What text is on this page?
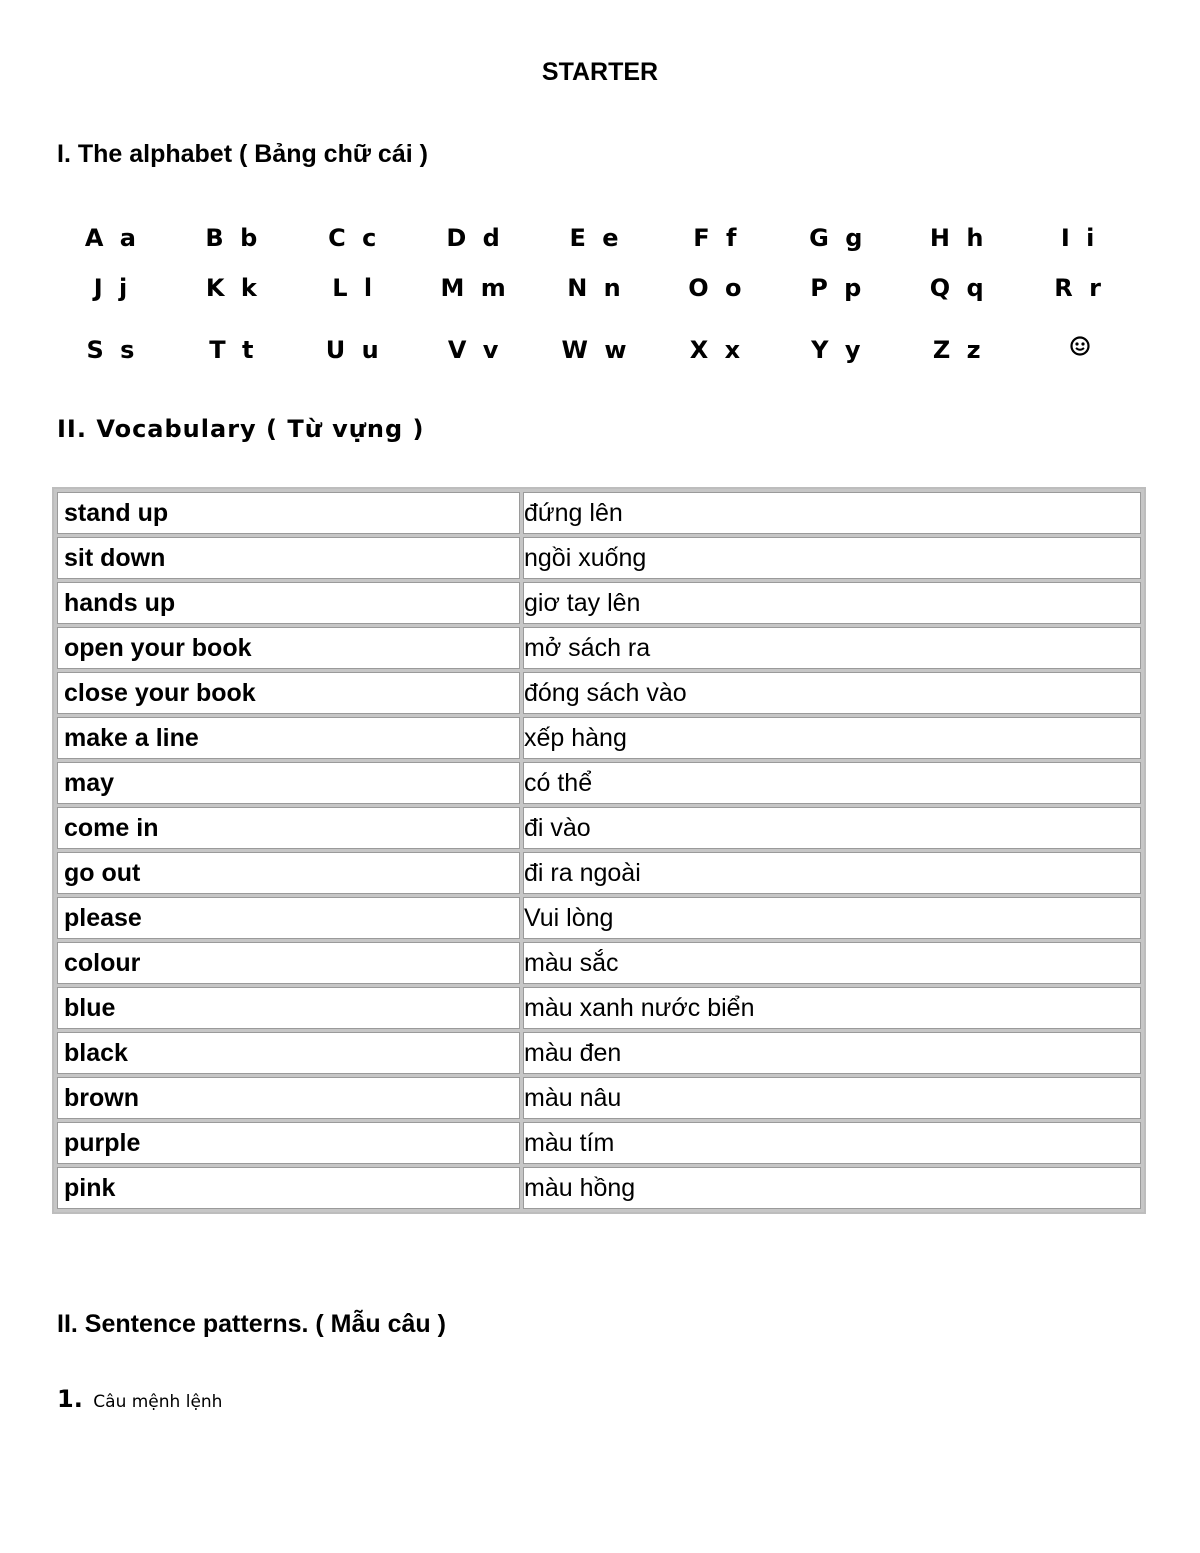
STARTER
I. The alphabet ( Bảng chữ cái )
A a	B b	C c	D d	E e	F f	G g	H h	I i
J j	K k	L l	M m	N n	O o	P p	Q q	R r
S s	T t	U u	V v	W w	X x	Y y	Z z
II. Vocabulary ( Từ vựng )
stand up	đứng lên
sit down	ngồi xuống
hands up	giơ tay lên
open your book	mở sách ra
close your book	đóng sách vào
make a line	xếp hàng
may	có thể
come in	đi vào
go out	đi ra ngoài
please	Vui lòng
colour	màu sắc
blue	màu xanh nước biển
black	màu đen
brown	màu nâu
purple	màu tím
pink	màu hồng
II. Sentence patterns. ( Mẫu câu )
1. Câu mệnh lệnh
